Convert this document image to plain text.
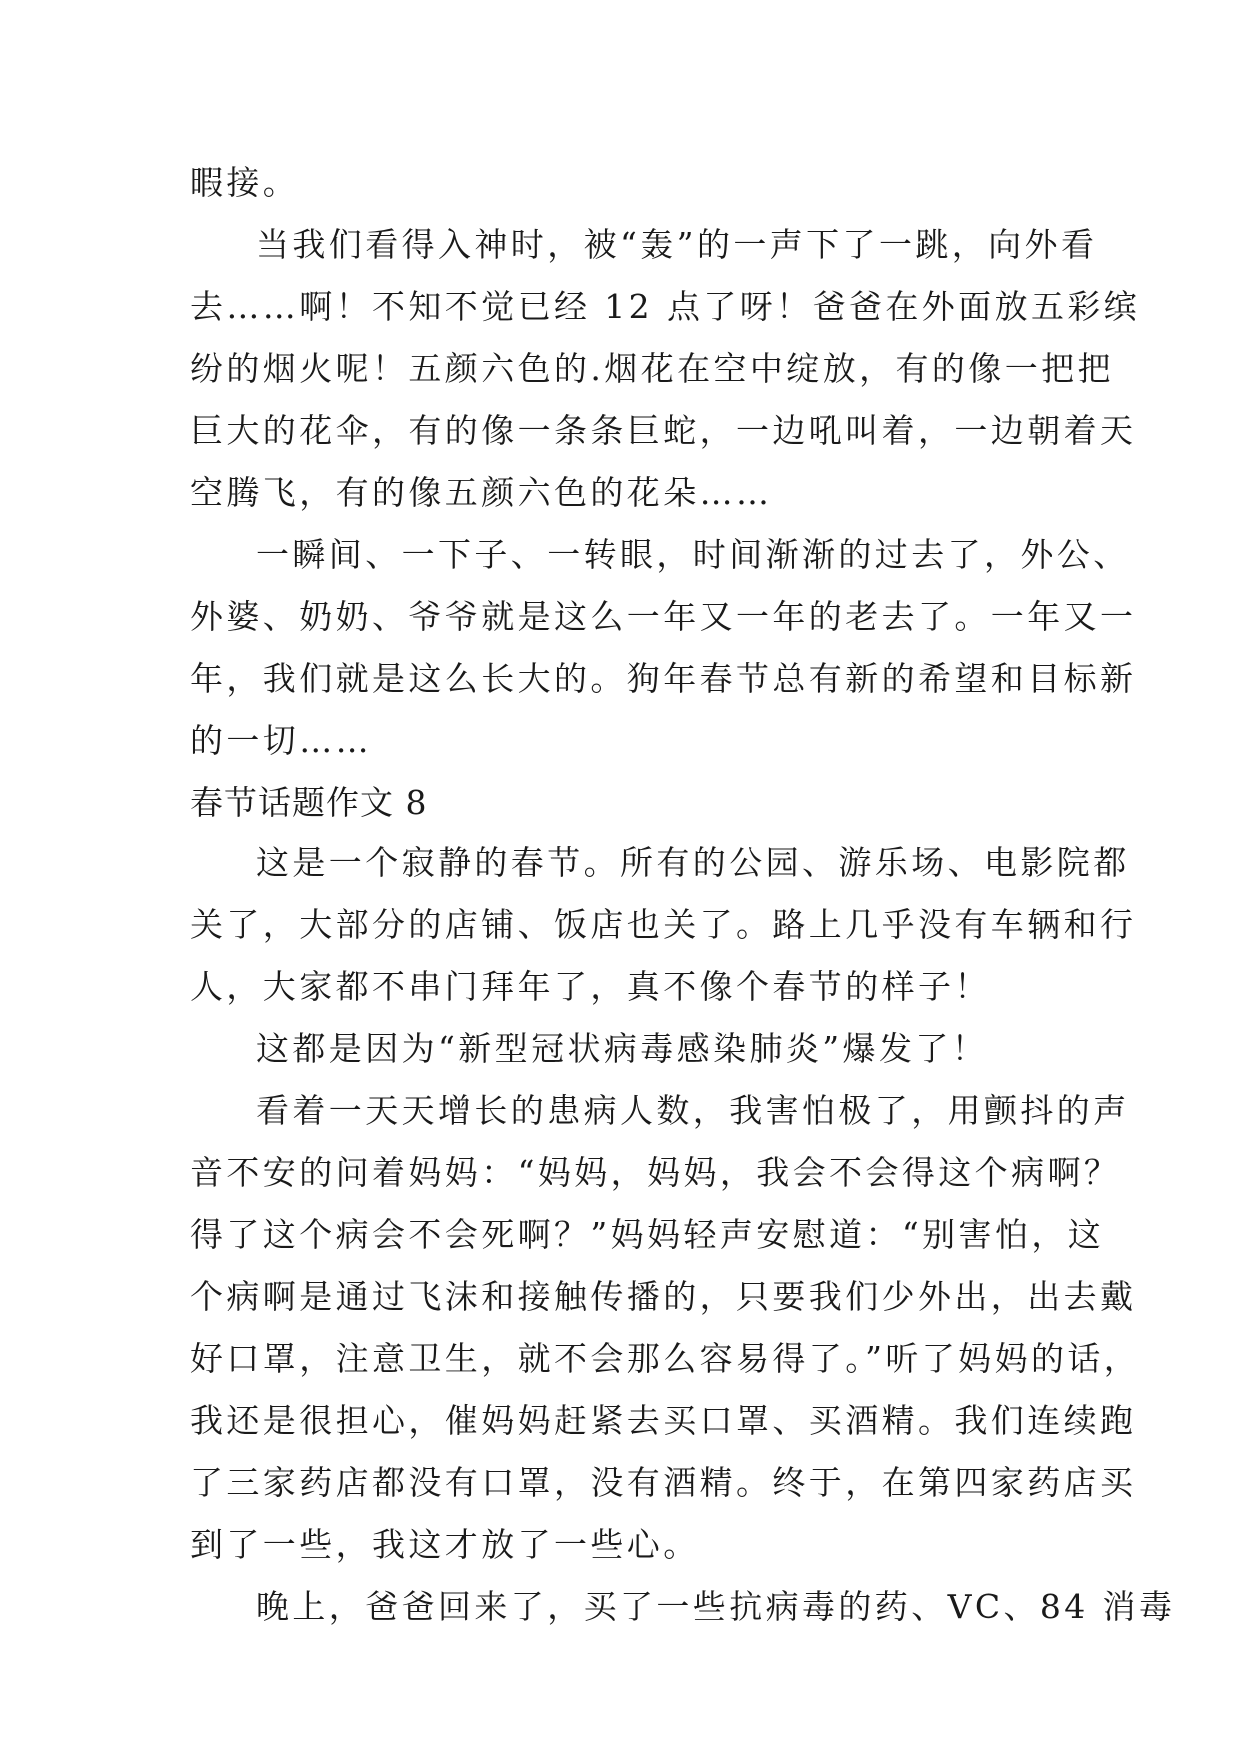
暇接。
当我们看得入神时，被“轰”的一声下了一跳，向外看
去……啊！不知不觉已经 12 点了呀！爸爸在外面放五彩缤
纷的烟火呢！五颜六色的.烟花在空中绽放，有的像一把把
巨大的花伞，有的像一条条巨蛇，一边吼叫着，一边朝着天
空腾飞，有的像五颜六色的花朵……
一瞬间、一下子、一转眼，时间渐渐的过去了，外公、
外婆、奶奶、爷爷就是这么一年又一年的老去了。一年又一
年，我们就是这么长大的。狗年春节总有新的希望和目标新
的一切……
春节话题作文 8
这是一个寂静的春节。所有的公园、游乐场、电影院都
关了，大部分的店铺、饭店也关了。路上几乎没有车辆和行
人，大家都不串门拜年了，真不像个春节的样子！
这都是因为“新型冠状病毒感染肺炎”爆发了！
看着一天天增长的患病人数，我害怕极了，用颤抖的声
音不安的问着妈妈：“妈妈，妈妈，我会不会得这个病啊？
得了这个病会不会死啊？”妈妈轻声安慰道：“别害怕，这
个病啊是通过飞沫和接触传播的，只要我们少外出，出去戴
好口罩，注意卫生，就不会那么容易得了。”听了妈妈的话，
我还是很担心，催妈妈赶紧去买口罩、买酒精。我们连续跑
了三家药店都没有口罩，没有酒精。终于，在第四家药店买
到了一些，我这才放了一些心。
晚上，爸爸回来了，买了一些抗病毒的药、VC、84 消毒
